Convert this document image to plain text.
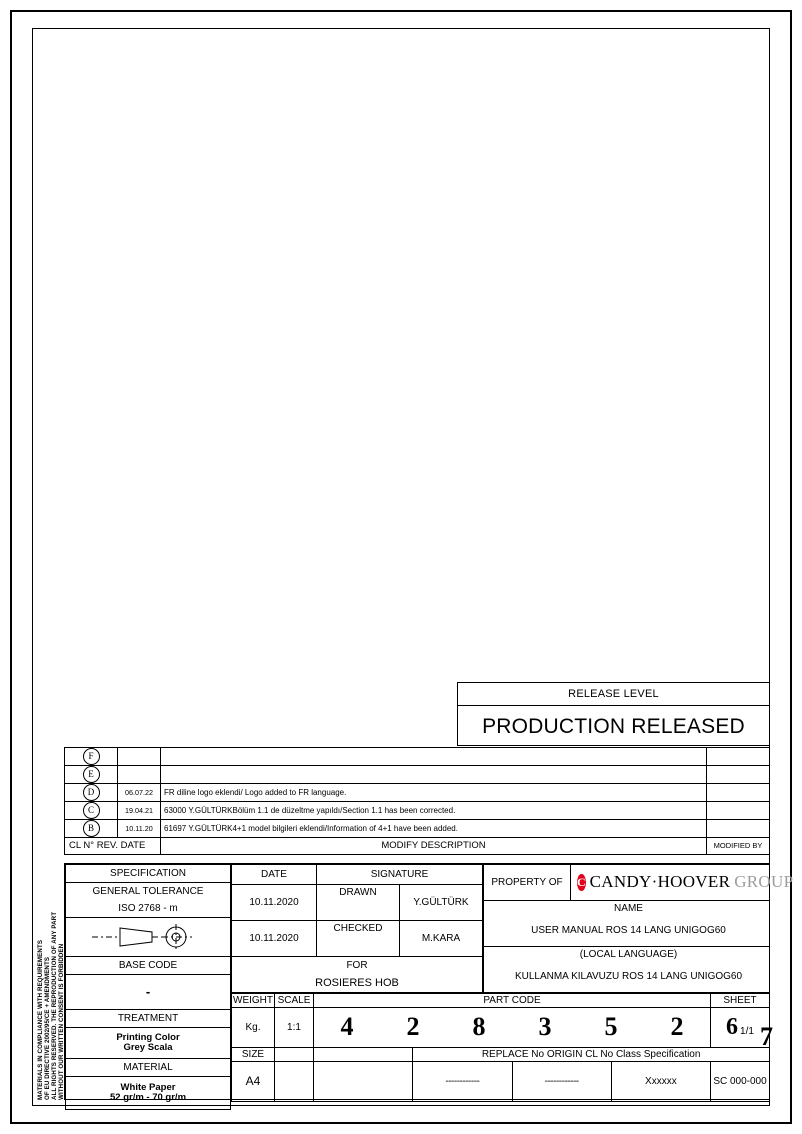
MATERIALS IN COMPLIANCE WITH REQUIREMENTS OF EU DIRECTIVE 2002/95/CE + AMENDMENTS ALL RIGHTS RESERVED. THE REPRODUCTION OF ANY PART WITHOUT OUR WRITTEN CONSENT IS FORBIDDEN
RELEASE LEVEL
PRODUCTION RELEASED
F			
E			
D	06.07.22	FR diline logo eklendi/ Logo added to FR language.	
C	19.04.21	63000 Y.GÜLTÜRKBölüm 1.1 de düzeltme yapıldı/Section 1.1 has been corrected.	
B	10.11.20	61697 Y.GÜLTÜRK4+1 model bilgileri eklendi/Information of 4+1 have been added.	
CL N° REV. DATE		MODIFY DESCRIPTION	MODIFIED BY
SPECIFICATION
GENERAL TOLERANCE
ISO 2768 - m

BASE CODE
-
TREATMENT

Printing Color
Grey Scala

MATERIAL

White Paper
52 gr/m - 70 gr/m
DATE	SIGNATURE	
10.11.2020	DRAWN	Y.GÜLTÜRK

10.11.2020	CHECKED	M.KARA

FOR		
ROSIERES HOB		
PROPERTY OF	C CANDY·HOOVER GROUP

NAME
USER MANUAL ROS 14 LANG UNIGOG60
(LOCAL LANGUAGE)
KULLANMA KILAVUZU ROS 14 LANG UNIGOG60
WEIGHT	SCALE	PART CODE				SHEET
Kg.	1:1	4 2 8 3 5 2	6 1/1

SIZE			REPLACE No ORIGIN CL No Class Specification			
A4			------------	------------	Xxxxxx	SC 000-000
7
